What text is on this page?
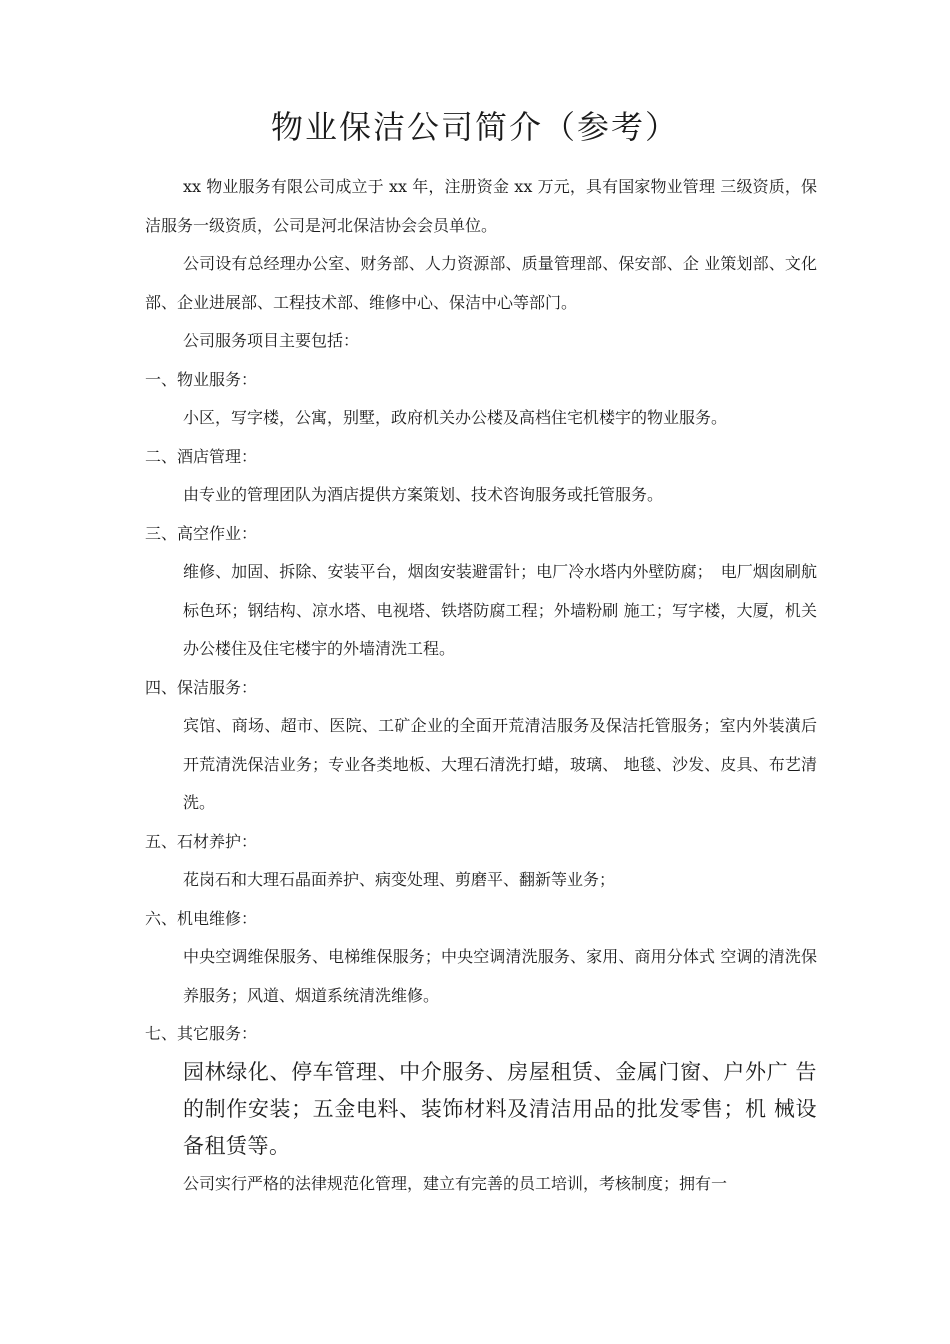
物业保洁公司简介（参考）

xx 物业服务有限公司成立于 xx 年，注册资金 xx 万元，具有国家物业管理 三级资质，保洁服务一级资质，公司是河北保洁协会会员单位。

公司设有总经理办公室、财务部、人力资源部、质量管理部、保安部、企 业策划部、文化部、企业进展部、工程技术部、维修中心、保洁中心等部门。

公司服务项目主要包括：

一、物业服务：

小区，写字楼，公寓，别墅，政府机关办公楼及高档住宅机楼宇的物业服务。

二、酒店管理：

由专业的管理团队为酒店提供方案策划、技术咨询服务或托管服务。

三、高空作业：

维修、加固、拆除、安装平台，烟囱安装避雷针；电厂冷水塔内外壁防腐；　电厂烟囱刷航标色环；钢结构、凉水塔、电视塔、铁塔防腐工程；外墙粉刷 施工；写字楼，大厦，机关办公楼住及住宅楼宇的外墙清洗工程。

四、保洁服务：

宾馆、商场、超市、医院、工矿企业的全面开荒清洁服务及保洁托管服务；室内外装潢后开荒清洗保洁业务；专业各类地板、大理石清洗打蜡，玻璃、 地毯、沙发、皮具、布艺清洗。

五、石材养护：

花岗石和大理石晶面养护、病变处理、剪磨平、翻新等业务；

六、机电维修：

中央空调维保服务、电梯维保服务；中央空调清洗服务、家用、商用分体式 空调的清洗保养服务；风道、烟道系统清洗维修。

七、其它服务：

园林绿化、停车管理、中介服务、房屋租赁、金属门窗、户外广 告的制作安装；五金电料、装饰材料及清洁用品的批发零售；机 械设备租赁等。

公司实行严格的法律规范化管理，建立有完善的员工培训，考核制度；拥有一
